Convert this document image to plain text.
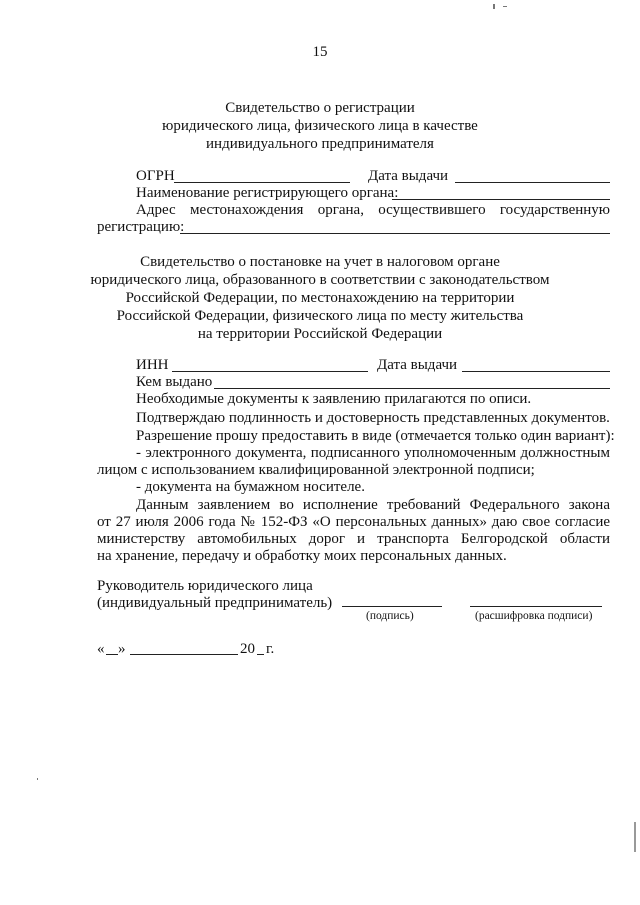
15
Свидетельство о регистрации
юридического лица, физического лица в качестве
индивидуального предпринимателя
ОГРН	Дата выдачи
Наименование регистрирующего органа:
Адрес местонахождения органа, осуществившего государственную
регистрацию:
Свидетельство о постановке на учет в налоговом органе
юридического лица, образованного в соответствии с законодательством
Российской Федерации, по местонахождению на территории
Российской Федерации, физического лица по месту жительства
на территории Российской Федерации
ИНН	Дата выдачи
Кем выдано
Необходимые документы к заявлению прилагаются по описи.
Подтверждаю подлинность и достоверность представленных документов.
Разрешение прошу предоставить в виде (отмечается только один вариант):
- электронного документа, подписанного уполномоченным должностным
лицом с использованием квалифицированной электронной подписи;
- документа на бумажном носителе.
Данным заявлением во исполнение требований Федерального закона
от 27 июля 2006 года № 152-ФЗ «О персональных данных» даю свое согласие
министерству автомобильных дорог и транспорта Белгородской области
на хранение, передачу и обработку моих персональных данных.
Руководитель юридического лица
(индивидуальный предприниматель)
(подпись)	(расшифровка подписи)
« »	20 г.
